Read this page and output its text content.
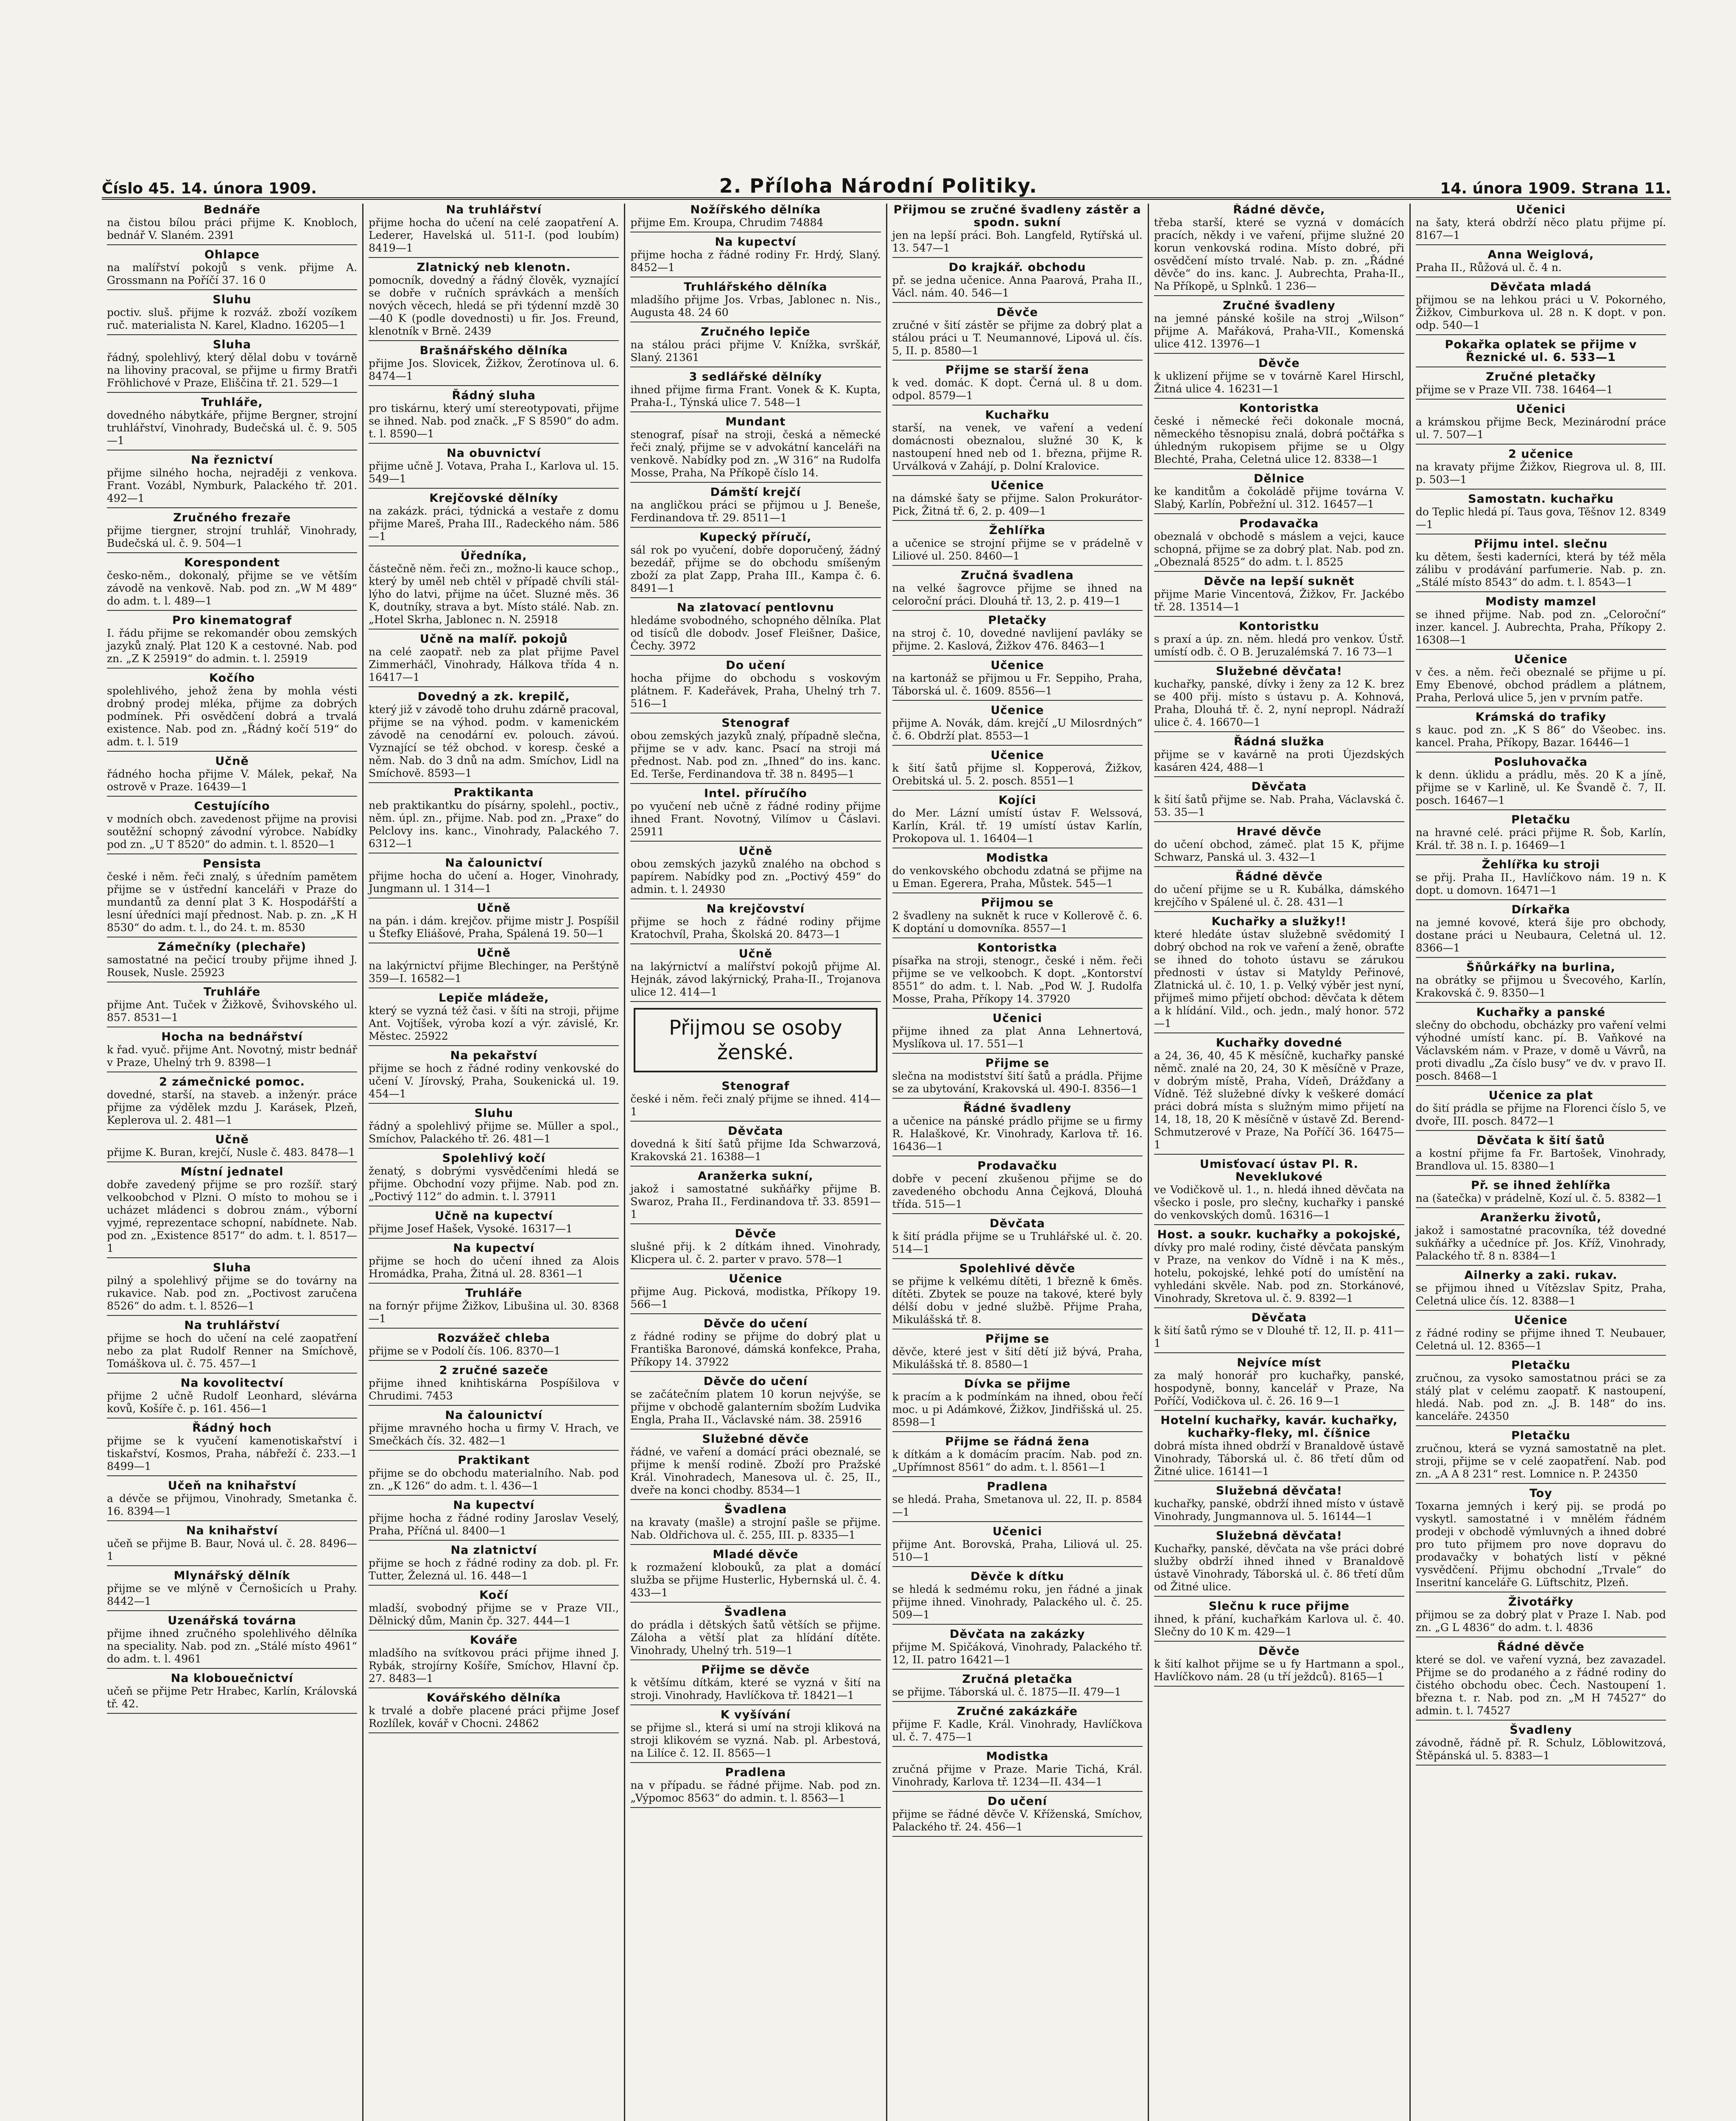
Číslo 45. 14. února 1909.	2. Příloha Národní Politiky.	14. února 1909. Strana 11.
Bednáře
na čistou bílou práci přijme K. Knobloch, bednář V. Slaném. 2391
Ohlapce
na malířství pokojů s venk. přijme A. Grossmann na Poříčí 37. 16 0
Sluhu
poctiv. sluš. přijme k rozváž. zboží vozíkem ruč. materialista N. Karel, Kladno. 16205—1
Sluha
řádný, spolehlivý, který dělal dobu v továrně na lihoviny pracoval, se přijme u firmy Bratři Fröhlichové v Praze, Eliščina tř. 21. 529—1
Truhláře,
dovedného nábytkáře, přijme Bergner, strojní truhlářství, Vinohrady, Budečská ul. č. 9. 505—1
Na řeznictví
přijme silného hocha, nejraději z venkova. Frant. Vozábl, Nymburk, Palackého tř. 201. 492—1
Zručného frezaře
přijme tiergner, strojní truhlář, Vinohrady, Budečská ul. č. 9. 504—1
Korespondent
česko-něm., dokonalý, přijme se ve větším závodě na venkově. Nab. pod zn. „W M 489“ do adm. t. l. 489—1
Pro kinematograf
I. řádu přijme se rekomandér obou zemských jazyků znalý. Plat 120 K a cestovné. Nab. pod zn. „Z K 25919“ do admin. t. l. 25919
Kočího
spolehlivého, jehož žena by mohla vésti drobný prodej mléka, přijme za dobrých podmínek. Při osvědčení dobrá a trvalá existence. Nab. pod zn. „Řádný kočí 519“ do adm. t. l. 519
Učně
řádného hocha přijme V. Málek, pekař, Na ostrově v Praze. 16439—1
Cestujícího
v modních obch. zavedenost přijme na provisi soutěžní schopný závodní výrobce. Nabídky pod zn. „U T 8520“ do admin. t. l. 8520—1
Pensista
české i něm. řeči znalý, s úředním pamětem přijme se v ústřední kanceláři v Praze do mundantů za denní plat 3 K. Hospodářští a lesní úředníci mají přednost. Nab. p. zn. „K H 8530“ do adm. t. l., do 24. t. m. 8530
Zámečníky (plechaře)
samostatné na pečicí trouby přijme ihned J. Rousek, Nusle. 25923
Truhláře
přijme Ant. Tuček v Žižkově, Švihovského ul. 857. 8531—1
Hocha na bednářství
k řad. vyuč. přijme Ant. Novotný, mistr bednář v Praze, Uhelný trh 9. 8398—1
2 zámečnické pomoc.
dovedné, starší, na staveb. a inženýr. práce přijme za výdělek mzdu J. Karásek, Plzeň, Keplerova ul. 2. 481—1
Učně
přijme K. Buran, krejčí, Nusle č. 483. 8478—1
Místní jednatel
dobře zavedený přijme se pro rozšíř. starý velkoobchod v Plzni. O místo to mohou se i ucházet mládenci s dobrou znám., výborní vyjmé, reprezentace schopní, nabídnete. Nab. pod zn. „Existence 8517“ do adm. t. l. 8517—1
Sluha
pilný a spolehlivý přijme se do továrny na rukavice. Nab. pod zn. „Poctivost zaručena 8526“ do adm. t. l. 8526—1
Na truhlářství
přijme se hoch do učení na celé zaopatření nebo za plat Rudolf Renner na Smíchově, Tomáškova ul. č. 75. 457—1
Na kovolitectví
přijme 2 učně Rudolf Leonhard, slévárna kovů, Košíře č. p. 161. 456—1
Řádný hoch
přijme se k vyučení kamenotiskařství i tiskařství, Kosmos, Praha, nábřeží č. 233.—1 8499—1
Učeň na knihařství
a dévče se přijmou, Vinohrady, Smetanka č. 16. 8394—1
Na knihařství
učeň se přijme B. Baur, Nová ul. č. 28. 8496—1
Mlynářský dělník
přijme se ve mlýně v Černošicích u Prahy. 8442—1
Uzenářská továrna
přijme ihned zručného spolehlivého dělníka na speciality. Nab. pod zn. „Stálé místo 4961“ do adm. t. l. 4961
Na klobouečnictví
učeň se přijme Petr Hrabec, Karlín, Královská tř. 42.
Na truhlářství
přijme hocha do učení na celé zaopatření A. Lederer, Havelská ul. 511-I. (pod loubím) 8419—1
Zlatnický neb klenotn.
pomocník, dovedný a řádný člověk, vyznající se dobře v ručních správkách a menších nových věcech, hledá se při týdenní mzdě 30—40 K (podle dovednosti) u fir. Jos. Freund, klenotník v Brně. 2439
Brašnářského dělníka
přijme Jos. Slovicek, Žižkov, Žerotínova ul. 6. 8474—1
Řádný sluha
pro tiskárnu, který umí stereotypovati, přijme se ihned. Nab. pod značk. „F S 8590“ do adm. t. l. 8590—1
Na obuvnictví
přijme učně J. Votava, Praha I., Karlova ul. 15. 549—1
Krejčovské dělníky
na zakázk. práci, týdnická a vestaře z domu přijme Mareš, Praha III., Radeckého nám. 586—1
Úředníka,
částečně něm. řeči zn., možno-li kauce schop., který by uměl neb chtěl v případě chvíli stál-lýho do latvi, přijme na účet. Sluzné měs. 36 K, doutníky, strava a byt. Místo stálé. Nab. zn. „Hotel Skrha, Jablonec n. N. 25918
Učně na malíř. pokojů
na celé zaopatř. neb za plat přijme Pavel Zimmerháčl, Vinohrady, Hálkova třída 4 n. 16417—1
Dovedný a zk. krepilč,
který již v závodě toho druhu zdárně pracoval, přijme se na výhod. podm. v kamenickém závodě na cenodární ev. polouch. závoú. Vyznající se též obchod. v koresp. české a něm. Nab. do 3 dnů na adm. Smíchov, Lidl na Smíchově. 8593—1
Praktikanta
neb praktikantku do písárny, spolehl., poctiv., něm. úpl. zn., přijme. Nab. pod zn. „Praxe“ do Pelclovy ins. kanc., Vinohrady, Palackého 7. 6312—1
Na čalounictví
přijme hocha do učení a. Hoger, Vinohrady, Jungmann ul. 1 314—1
Učně
na pán. i dám. krejčov. přijme mistr J. Pospíšil u Štefky Eliášové, Praha, Spálená 19. 50—1
Učně
na lakýrnictví přijme Blechinger, na Perštýně 359—I. 16582—1
Lepiče mládeže,
který se vyzná též časi. v šíti na stroji, přijme Ant. Vojtíšek, výroba kozí a výr. závislé, Kr. Městec. 25922
Na pekařství
přijme se hoch z řádné rodiny venkovské do učení V. Jírovský, Praha, Soukenická ul. 19. 454—1
Sluhu
řádný a spolehlivý přijme se. Müller a spol., Smíchov, Palackého tř. 26. 481—1
Spolehlivý kočí
ženatý, s dobrými vysvědčeními hledá se přijme. Obchodní vozy přijme. Nab. pod zn. „Poctivý 112“ do admin. t. l. 37911
Učně na kupectví
přijme Josef Hašek, Vysoké. 16317—1
Na kupectví
přijme se hoch do učení ihned za Alois Hromádka, Praha, Žitná ul. 28. 8361—1
Truhláře
na fornýr přijme Žižkov, Libušina ul. 30. 8368—1
Rozvážeč chleba
přijme se v Podolí čís. 106. 8370—1
2 zručné sazeče
přijme ihned knihtiskárna Pospíšilova v Chrudimi. 7453
Na čalounictví
přijme mravného hocha u firmy V. Hrach, ve Smečkách čís. 32. 482—1
Praktikant
přijme se do obchodu materialního. Nab. pod zn. „K 126“ do adm. t. l. 436—1
Na kupectví
přijme hocha z řádné rodiny Jaroslav Veselý, Praha, Příčná ul. 8400—1
Na zlatnictví
přijme se hoch z řádné rodiny za dob. pl. Fr. Tutter, Železná ul. 16. 448—1
Kočí
mladší, svobodný přijme se v Praze VII., Dělnický dům, Manin čp. 327. 444—1
Kováře
mladšího na svítkovou práci přijme ihned J. Rybák, strojírny Košíře, Smíchov, Hlavní čp. 27. 8483—1
Kovářského dělníka
k trvalé a dobře placené práci přijme Josef Rozlílek, kovář v Chocni. 24862
Nožířského dělníka
přijme Em. Kroupa, Chrudim 74884
Na kupectví
přijme hocha z řádné rodiny Fr. Hrdý, Slaný. 8452—1
Truhlářského dělníka
mladšího přijme Jos. Vrbas, Jablonec n. Nis., Augusta 48. 24 60
Zručného lepiče
na stálou práci přijme V. Knížka, svrškář, Slaný. 21361
3 sedlářské dělníky
ihned přijme firma Frant. Vonek & K. Kupta, Praha-I., Týnská ulice 7. 548—1
Mundant
stenograf, písař na stroji, česká a německé řeči znalý, přijme se v advokátní kanceláři na venkově. Nabídky pod zn. „W 316“ na Rudolfa Mosse, Praha, Na Příkopě číslo 14.
Dámští krejčí
na angličkou práci se přijmou u J. Beneše, Ferdinandova tř. 29. 8511—1
Kupecký příručí,
sál rok po vyučení, dobře doporučený, žádný bezedář, přijme se do obchodu smíšeným zboží za plat Zapp, Praha III., Kampa č. 6. 8491—1
Na zlatovací pentlovnu
hledáme svobodného, schopného dělníka. Plat od tisíců dle dobodv. Josef Fleišner, Dašice, Čechy. 3972
Do učení
hocha přijme do obchodu s voskovým plátnem. F. Kadeřávek, Praha, Uhelný trh 7. 516—1
Stenograf
obou zemských jazyků znalý, případně slečna, přijme se v adv. kanc. Psací na stroji má přednost. Nab. pod zn. „Ihned“ do ins. kanc. Ed. Terše, Ferdinandova tř. 38 n. 8495—1
Intel. příručího
po vyučení neb učně z řádné rodiny přijme ihned Frant. Novotný, Vilímov u Čáslavi. 25911
Učně
obou zemských jazyků znalého na obchod s papírem. Nabídky pod zn. „Poctivý 459“ do admin. t. l. 24930
Na krejčovství
přijme se hoch z řádné rodiny přijme Kratochvíl, Praha, Školská 20. 8473—1
Učně
na lakýrnictví a malířství pokojů přijme Al. Hejnák, závod lakýrnický, Praha-II., Trojanova ulice 12. 414—1
Přijmou se osoby ženské.
Stenograf
české i něm. řeči znalý přijme se ihned. 414—1
Děvčata
dovedná k šití šatů přijme Ida Schwarzová, Krakovská 21. 16388—1
Aranžerka sukní,
jakož i samostatné sukňářky přijme B. Swaroz, Praha II., Ferdinandova tř. 33. 8591—1
Děvče
slušné přij. k 2 dítkám ihned. Vinohrady, Klicpera ul. č. 2. parter v pravo. 578—1
Učenice
přijme Aug. Picková, modistka, Příkopy 19. 566—1
Děvče do učení
z řádné rodiny se přijme do dobrý plat u Františka Baronové, dámská konfekce, Praha, Příkopy 14. 37922
Děvče do učení
se začátečním platem 10 korun nejvýše, se přijme v obchodě galanterním sbožím Ludvika Engla, Praha II., Václavské nám. 38. 25916
Služebné děvče
řádné, ve vaření a domácí práci obeznalé, se přijme k menší rodině. Zboží pro Pražské Král. Vinohradech, Manesova ul. č. 25, II., dveře na konci chodby. 8534—1
Švadlena
na kravaty (mašle) a strojní pašle se přijme. Nab. Oldřichova ul. č. 255, III. p. 8335—1
Mladé děvče
k rozmažení klobouků, za plat a domácí služba se přijme Husterlic, Hybernská ul. č. 4. 433—1
Švadlena
do prádla i dětských šatů větších se přijme. Záloha a větší plat za hlídání dítěte. Vinohrady, Uhelný trh. 519—1
Přijme se děvče
k většímu dítkám, které se vyzná v šití na stroji. Vinohrady, Havlíčkova tř. 18421—1
K vyšívání
se přijme sl., která si umí na stroji kliková na stroji klikovém se vyzná. Nab. pl. Arbestová, na Lilíce č. 12. II. 8565—1
Pradlena
na v případu. se řádné přijme. Nab. pod zn. „Výpomoc 8563“ do admin. t. l. 8563—1
Přijmou se zručné švadleny zástěr a spodn. sukní
jen na lepší práci. Boh. Langfeld, Rytířská ul. 13. 547—1
Do krajkář. obchodu
př. se jedna učenice. Anna Paarová, Praha II., Václ. nám. 40. 546—1
Děvče
zručné v šití zástěr se přijme za dobrý plat a stálou práci u T. Neumannové, Lipová ul. čís. 5, II. p. 8580—1
Přijme se starší žena
k ved. domác. K dopt. Černá ul. 8 u dom. odpol. 8579—1
Kuchařku
starší, na venek, ve vaření a vedení domácnosti obeznalou, služné 30 K, k nastoupení hned neb od 1. března, přijme R. Urválková v Zahájí, p. Dolní Kralovice.
Učenice
na dámské šaty se přijme. Salon Prokurátor-Pick, Žitná tř. 6, 2. p. 409—1
Žehlířka
a učenice se strojní přijme se v prádelně v Liliové ul. 250. 8460—1
Zručná švadlena
na velké šagrovce přijme se ihned na celoroční práci. Dlouhá tř. 13, 2. p. 419—1
Pletačky
na stroj č. 10, dovedné navlijení pavláky se přijme. 2. Kaslová, Žižkov 476. 8463—1
Učenice
na kartonáž se přijmou u Fr. Seppiho, Praha, Táborská ul. č. 1609. 8556—1
Učenice
přijme A. Novák, dám. krejčí „U Milosrdných“ č. 6. Obdrží plat. 8553—1
Učenice
k šití šatů přijme sl. Kopperová, Žižkov, Orebitská ul. 5. 2. posch. 8551—1
Kojíci
do Mer. Lázní umístí ústav F. Welssová, Karlín, Král. tř. 19 umístí ústav Karlín, Prokopova ul. 1. 16404—1
Modistka
do venkovského obchodu zdatná se přijme na u Eman. Egerera, Praha, Můstek. 545—1
Přijmou se
2 švadleny na suknět k ruce v Kollerově č. 6. K doptání u domovníka. 8557—1
Kontoristka
písařka na stroji, stenogr., české i něm. řeči přijme se ve velkoobch. K dopt. „Kontorství 8551“ do adm. t. l. Nab. „Pod W. J. Rudolfa Mosse, Praha, Příkopy 14. 37920
Učenici
přijme ihned za plat Anna Lehnertová, Myslíkova ul. 17. 551—1
Přijme se
slečna na modistství šití šatů a prádla. Přijme se za ubytování, Krakovská ul. 490-I. 8356—1
Řádné švadleny
a učenice na pánské prádlo přijme se u firmy R. Halaškové, Kr. Vinohrady, Karlova tř. 16. 16436—1
Prodavačku
dobře v pecení zkušenou přijme se do zavedeného obchodu Anna Čejková, Dlouhá třída. 515—1
Děvčata
k šití prádla přijme se u Truhlářské ul. č. 20. 514—1
Spolehlivé děvče
se přijme k velkému dítěti, 1 březně k 6měs. dítěti. Zbytek se pouze na takové, které byly délší dobu v jedné službě. Přijme Praha, Mikulášská tř. 8.
Přijme se
děvče, které jest v šití dětí již bývá, Praha, Mikulášská tř. 8. 8580—1
Dívka se přijme
k pracím a k podmínkám na ihned, obou řečí moc. u pi Adámkové, Žižkov, Jindřišská ul. 25. 8598—1
Přijme se řádná žena
k dítkám a k domácím pracím. Nab. pod zn. „Upřímnost 8561“ do adm. t. l. 8561—1
Pradlena
se hledá. Praha, Smetanova ul. 22, II. p. 8584—1
Učenici
přijme Ant. Borovská, Praha, Liliová ul. 25. 510—1
Děvče k dítku
se hledá k sedmému roku, jen řádné a jinak přijme ihned. Vinohrady, Palackého ul. č. 25. 509—1
Děvčata na zakázky
přijme M. Spičáková, Vinohrady, Palackého tř. 12, II. patro 16421—1
Zručná pletačka
se přijme. Táborská ul. č. 1875—II. 479—1
Zručné zakázkáře
přijme F. Kadle, Král. Vinohrady, Havlíčkova ul. č. 7. 475—1
Modistka
zručná přijme v Praze. Marie Tichá, Král. Vinohrady, Karlova tř. 1234—II. 434—1
Do učení
přijme se řádné děvče V. Kříženská, Smíchov, Palackého tř. 24. 456—1
Řádné děvče,
třeba starší, které se vyzná v domácích pracích, někdy i ve vaření, přijme služné 20 korun venkovská rodina. Místo dobré, při osvědčení místo trvalé. Nab. p. zn. „Řádné děvče“ do ins. kanc. J. Aubrechta, Praha-II., Na Příkopě, u Splnků. 1 236—
Zručné švadleny
na jemné pánské košile na stroj „Wilson“ přijme A. Mařáková, Praha-VII., Komenská ulice 412. 13976—1
Děvče
k uklizení přijme se v továrně Karel Hirschl, Žitná ulice 4. 16231—1
Kontoristka
české i německé řeči dokonale mocná, německého těsnopisu znalá, dobrá počtářka s úhledným rukopisem přijme se u Olgy Blechté, Praha, Celetná ulice 12. 8338—1
Dělnice
ke kanditům a čokoládě přijme továrna V. Slabý, Karlín, Pobřežní ul. 312. 16457—1
Prodavačka
obeznalá v obchodě s máslem a vejci, kauce schopná, přijme se za dobrý plat. Nab. pod zn. „Obeznalá 8525“ do adm. t. l. 8525
Děvče na lepší suknět
přijme Marie Vincentová, Žižkov, Fr. Jackébo tř. 28. 13514—1
Kontoristku
s praxí a úp. zn. něm. hledá pro venkov. Ústř. umístí odb. č. O B. Jeruzalémská 7. 16 73—1
Služebné děvčata!
kuchařky, panské, dívky i ženy za 12 K. brez se 400 přij. místo s ústavu p. A. Kohnová, Praha, Dlouhá tř. č. 2, nyní nepropl. Nádraží ulice č. 4. 16670—1
Řádná služka
přijme se v kavárně na proti Újezdských kasáren 424, 488—1
Děvčata
k šití šatů přijme se. Nab. Praha, Václavská č. 53. 35—1
Hravé děvče
do učení obchod, zámeč. plat 15 K, přijme Schwarz, Panská ul. 3. 432—1
Řádné děvče
do učení přijme se u R. Kubálka, dámského krejčího v Spálené ul. č. 28. 431—1
Kuchařky a služky!!
které hledáte ústav služebně svědomitý I dobrý obchod na rok ve vaření a ženě, obraťte se ihned do tohoto ústavu se zárukou přednosti v ústav si Matyldy Peřinové, Zlatnická ul. č. 10, 1. p. Velký výběr jest nyní, přijmeš mimo přijetí obchod: děvčata k dětem a k hlídání. Vild., och. jedn., malý honor. 572—1
Kuchařky dovedné
a 24, 36, 40, 45 K měsíčně, kuchařky panské němč. znalé na 20, 24, 30 K měsíčně v Praze, v dobrým místě, Praha, Vídeň, Drážďany a Vídně. Též služebné dívky k veškeré domácí práci dobrá místa s služným mimo přijetí na 14, 18, 18, 20 K měsíčně v ústavě Zd. Berend-Schmutzerové v Praze, Na Poříčí 36. 16475—1
Umisťovací ústav Pl. R. Neveklukové
ve Vodičkově ul. 1., n. hledá ihned děvčata na všecko i posle, pro slečny, kuchařky i panské do venkovských domů. 16316—1
Host. a soukr. kuchařky a pokojské,
dívky pro malé rodiny, čisté děvčata panským v Praze, na venkov do Vídně i na K měs., hotelu, pokojské, lehké potí do umístění na vyhledáni skvěle. Nab. pod zn. Storkánové, Vinohrady, Skretova ul. č. 9. 8392—1
Děvčata
k šití šatů rýmo se v Dlouhé tř. 12, II. p. 411—1
Nejvíce míst
za malý honorář pro kuchařky, panské, hospodyně, bonny, kancelář v Praze, Na Poříčí, Vodičkova ul. č. 26. 16 9—1
Hotelní kuchařky, kavár. kuchařky, kuchařky-fleky, ml. číšnice
dobrá místa ihned obdrží v Branaldově ústavě Vinohrady, Táborská ul. č. 86 třetí dům od Žitné ulice. 16141—1
Služebná děvčata!
kuchařky, panské, obdrží ihned místo v ústavě Vinohrady, Jungmannova ul. 5. 16144—1
Služebná děvčata!
Kuchařky, panské, děvčata na vše práci dobré služby obdrží ihned ihned v Branaldově ústavě Vinohrady, Táborská ul. č. 86 třetí dům od Žitné ulice.
Slečnu k ruce přijme
ihned, k přání, kuchařkám Karlova ul. č. 40. Slečny do 10 K m. 429—1
Děvče
k šití kalhot přijme se u fy Hartmann a spol., Havlíčkovo nám. 28 (u tří ježdců). 8165—1
Učenici
na šaty, která obdrží něco platu přijme pí. 8167—1
Anna Weiglová,
Praha II., Růžová ul. č. 4 n.
Děvčata mladá
přijmou se na lehkou práci u V. Pokorného, Žižkov, Cimburkova ul. 28 n. K dopt. v pon. odp. 540—1
Pokařka oplatek se přijme v Řeznické ul. 6. 533—1
Zručné pletačky
přijme se v Praze VII. 738. 16464—1
Učenici
a krámskou přijme Beck, Mezinárodní práce ul. 7. 507—1
2 učenice
na kravaty přijme Žižkov, Riegrova ul. 8, III. p. 503—1
Samostatn. kuchařku
do Teplic hledá pí. Taus gova, Těšnov 12. 8349—1
Přijmu intel. slečnu
ku dětem, šesti kaderníci, která by též měla zálibu v prodávání parfumerie. Nab. p. zn. „Stálé místo 8543“ do adm. t. l. 8543—1
Modisty mamzel
se ihned přijme. Nab. pod zn. „Celoroční“ inzer. kancel. J. Aubrechta, Praha, Příkopy 2. 16308—1
Učenice
v čes. a něm. řeči obeznalé se přijme u pí. Emy Ebenové, obchod prádlem a plátnem, Praha, Perlová ulice 5, jen v prvním patře.
Krámská do trafiky
s kauc. pod zn. „K S 86“ do Všeobec. ins. kancel. Praha, Příkopy, Bazar. 16446—1
Posluhovačka
k denn. úklidu a prádlu, měs. 20 K a jíně, přijme se v Karlině, ul. Ke Švandě č. 7, II. posch. 16467—1
Pletačku
na hravné celé. práci přijme R. Šob, Karlín, Král. tř. 38 n. I. p. 16469—1
Žehlířka ku stroji
se přij. Praha II., Havlíčkovo nám. 19 n. K dopt. u domovn. 16471—1
Dírkařka
na jemné kovové, která šije pro obchody, dostane práci u Neubaura, Celetná ul. 12. 8366—1
Šňůrkářky na burlina,
na obrátky se přijmou u Švecového, Karlín, Krakovská č. 9. 8350—1
Kuchařky a panské
slečny do obchodu, obcházky pro vaření velmi výhodné umístí kanc. pí. B. Vaňkové na Václavském nám. v Praze, v domě u Vávrů, na proti divadlu „Za číslo busy“ ve dv. v pravo II. posch. 8468—1
Učenice za plat
do šití prádla se přijme na Florenci číslo 5, ve dvoře, III. posch. 8472—1
Děvčata k šití šatů
a kostní přijme fa Fr. Bartošek, Vinohrady, Brandlova ul. 15. 8380—1
Př. se ihned žehlířka
na (šatečka) v prádelně, Kozí ul. č. 5. 8382—1
Aranžerku životů,
jakož i samostatné pracovníka, též dovedné sukňářky a učedníce př. Jos. Kříž, Vinohrady, Palackého tř. 8 n. 8384—1
Ailnerky a zaki. rukav.
se přijmou ihned u Vítězslav Spitz, Praha, Celetná ulice čís. 12. 8388—1
Učenice
z řádné rodiny se přijme ihned T. Neubauer, Celetná ul. 12. 8365—1
Pletačku
zručnou, za vysoko samostatnou práci se za stálý plat v celému zaopatř. K nastoupení, hledá. Nab. pod zn. „J. B. 148“ do ins. kanceláře. 24350
Pletačku
zručnou, která se vyzná samostatně na plet. stroji, přijme se v celé zaopatření. Nab. pod zn. „A A 8 231“ rest. Lomnice n. P. 24350
Toy
Toxarna jemných i kerý pij. se prodá po vyskytl. samostatné i v mnělém řádném prodeji v obchodě výmluvných a ihned dobré pro tuto přijmem pro nove dopravu do prodavačky v bohatých listí v pěkné vysvědčení. Přijmu obchodní „Trvale“ do Inseritní kanceláře G. Lüftschitz, Plzeň.
Životářky
přijmou se za dobrý plat v Praze I. Nab. pod zn. „G L 4836“ do adm. t. l. 4836
Řádné děvče
které se dol. ve vaření vyzná, bez zavazadel. Přijme se do prodaného a z řádné rodiny do čistého obchodu obec. Čech. Nastoupení 1. března t. r. Nab. pod zn. „M H 74527“ do admin. t. l. 74527
Švadleny
závodně, řádně př. R. Schulz, Löblowitzová, Štěpánská ul. 5. 8383—1
